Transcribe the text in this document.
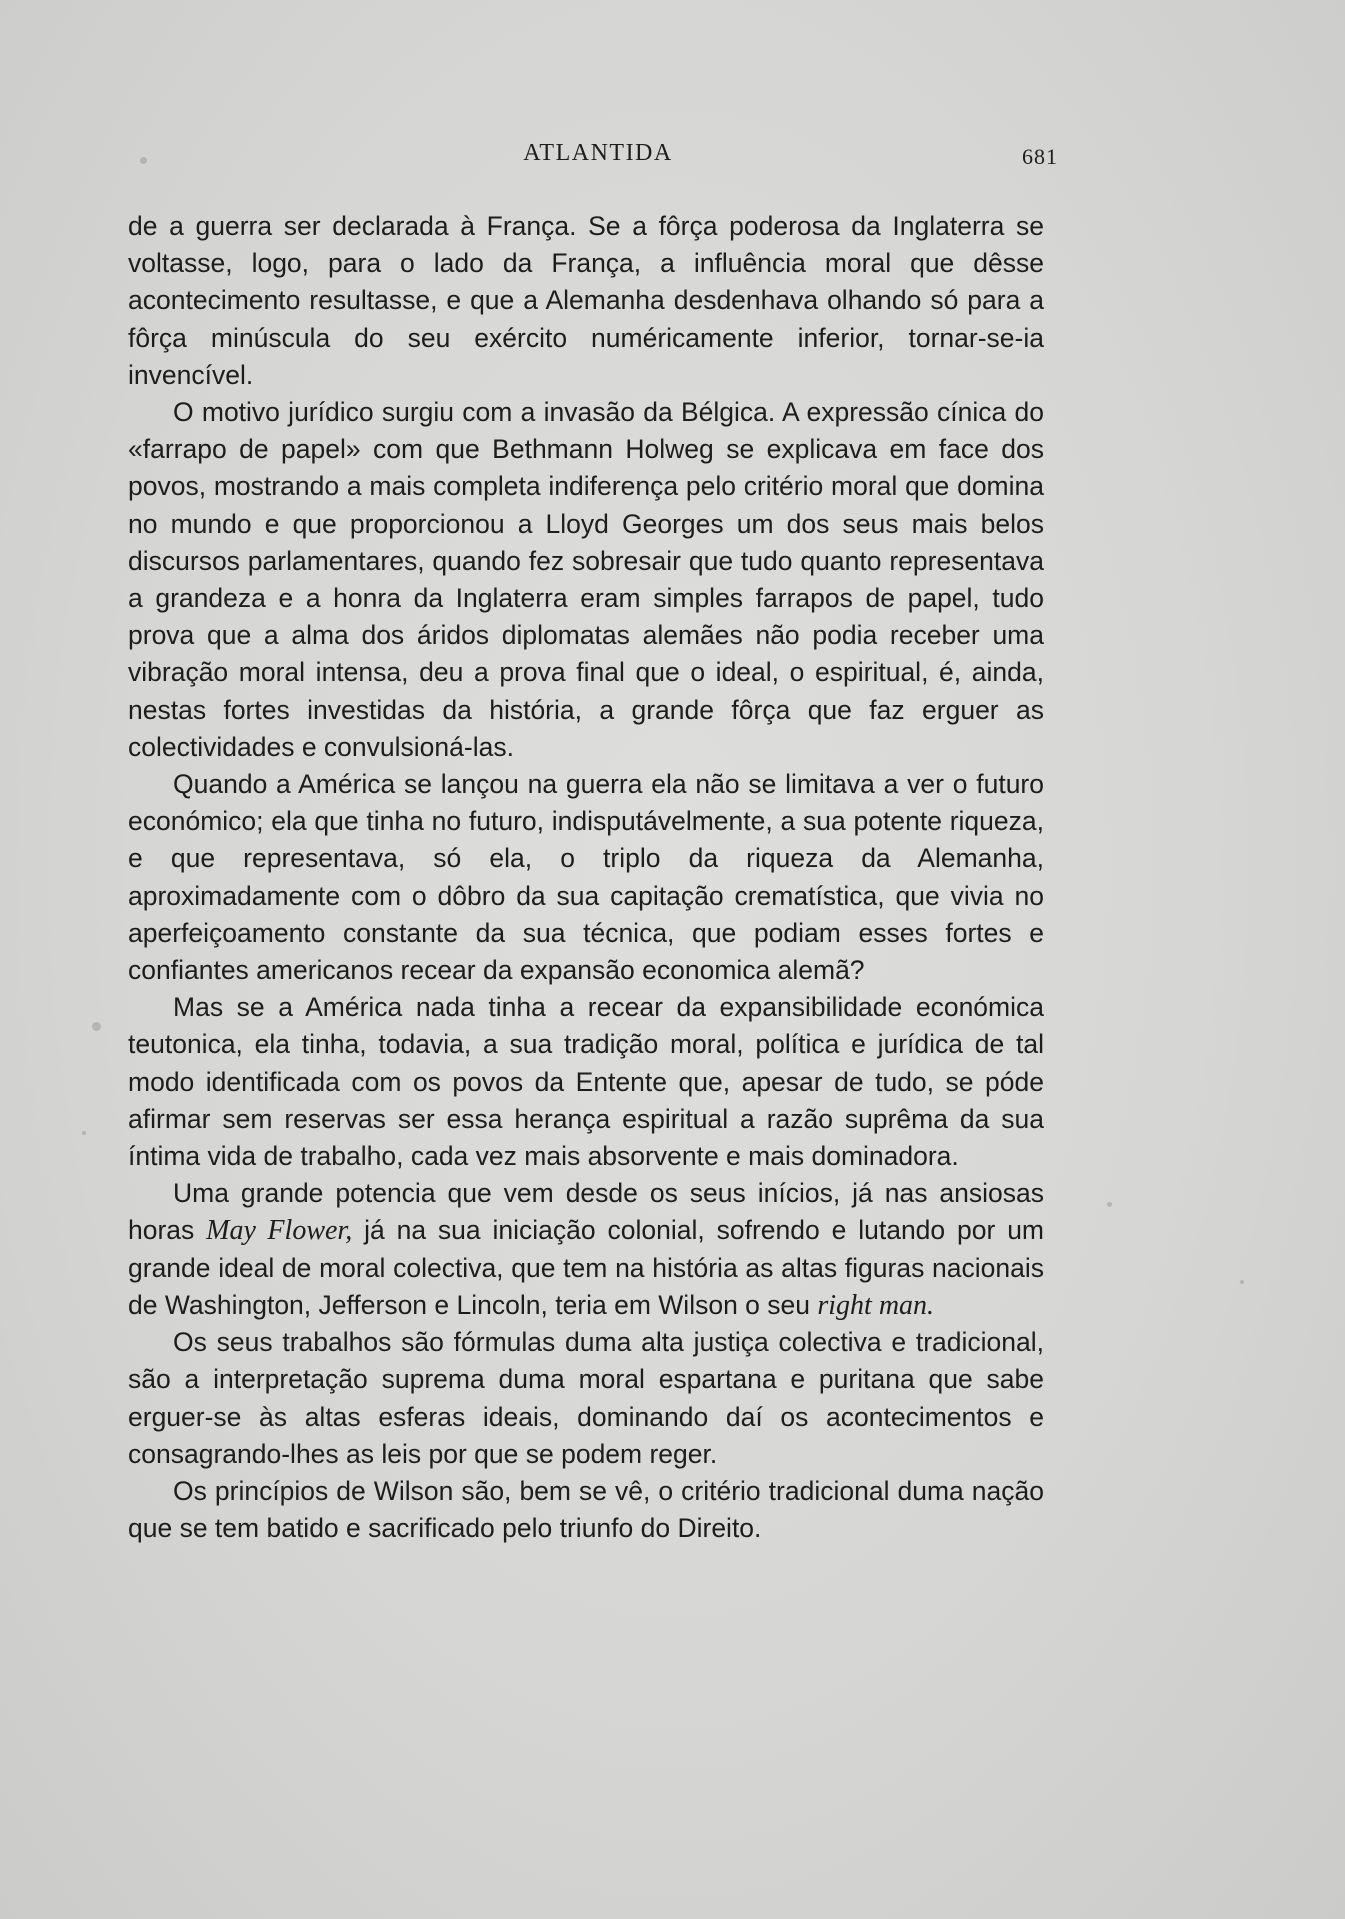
ATLANTIDA	681

de a guerra ser declarada à França. Se a fôrça poderosa da Inglaterra se voltasse, logo, para o lado da França, a influência moral que dêsse acontecimento resultasse, e que a Alemanha desdenhava olhando só para a fôrça minúscula do seu exército numéricamente inferior, tornar-se-ia invencível.

O motivo jurídico surgiu com a invasão da Bélgica. A expressão cínica do «farrapo de papel» com que Bethmann Holweg se explicava em face dos povos, mostrando a mais completa indiferença pelo critério moral que domina no mundo e que proporcionou a Lloyd Georges um dos seus mais belos discursos parlamentares, quando fez sobresair que tudo quanto representava a grandeza e a honra da Inglaterra eram simples farrapos de papel, tudo prova que a alma dos áridos diplomatas alemães não podia receber uma vibração moral intensa, deu a prova final que o ideal, o espiritual, é, ainda, nestas fortes investidas da história, a grande fôrça que faz erguer as colectividades e convulsioná-las.

Quando a América se lançou na guerra ela não se limitava a ver o futuro económico; ela que tinha no futuro, indisputávelmente, a sua potente riqueza, e que representava, só ela, o triplo da riqueza da Alemanha, aproximadamente com o dôbro da sua capitação crematística, que vivia no aperfeiçoamento constante da sua técnica, que podiam esses fortes e confiantes americanos recear da expansão economica alemã?

Mas se a América nada tinha a recear da expansibilidade económica teutonica, ela tinha, todavia, a sua tradição moral, política e jurídica de tal modo identificada com os povos da Entente que, apesar de tudo, se póde afirmar sem reservas ser essa herança espiritual a razão suprêma da sua íntima vida de trabalho, cada vez mais absorvente e mais dominadora.

Uma grande potencia que vem desde os seus inícios, já nas ansiosas horas May Flower, já na sua iniciação colonial, sofrendo e lutando por um grande ideal de moral colectiva, que tem na história as altas figuras nacionais de Washington, Jefferson e Lincoln, teria em Wilson o seu right man.

Os seus trabalhos são fórmulas duma alta justiça colectiva e tradicional, são a interpretação suprema duma moral espartana e puritana que sabe erguer-se às altas esferas ideais, dominando daí os acontecimentos e consagrando-lhes as leis por que se podem reger.

Os princípios de Wilson são, bem se vê, o critério tradicional duma nação que se tem batido e sacrificado pelo triunfo do Direito.
